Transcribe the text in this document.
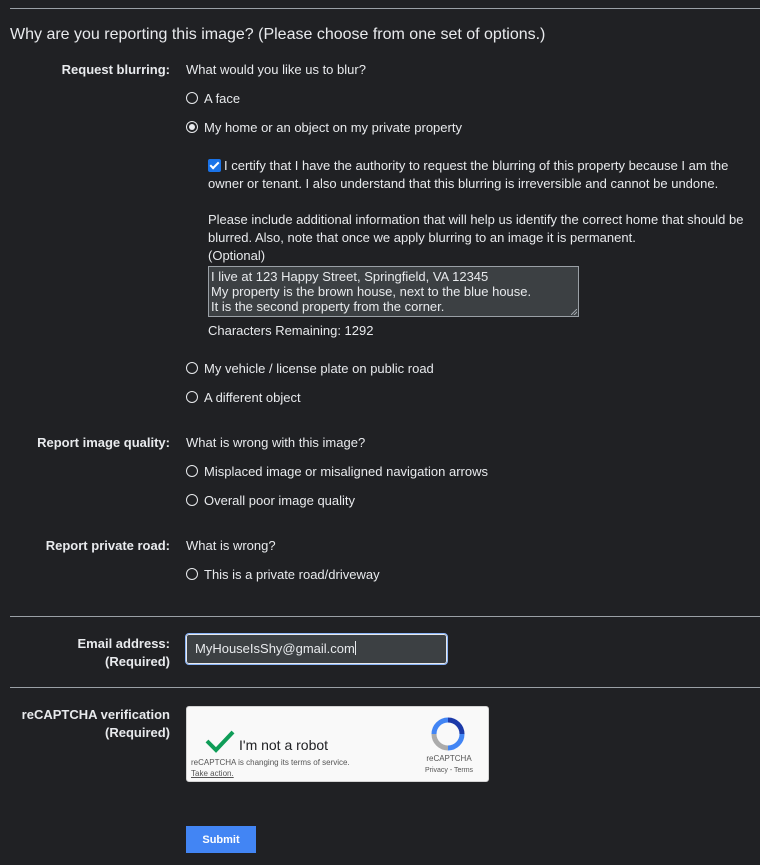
Why are you reporting this image? (Please choose from one set of options.)
Request blurring: What would you like us to blur?
A face
My home or an object on my private property
I certify that I have the authority to request the blurring of this property because I am the owner or tenant. I also understand that this blurring is irreversible and cannot be undone.
Please include additional information that will help us identify the correct home that should be blurred. Also, note that once we apply blurring to an image it is permanent.
(Optional)
I live at 123 Happy Street, Springfield, VA 12345
My property is the brown house, next to the blue house.
It is the second property from the corner.
Characters Remaining: 1292
My vehicle / license plate on public road
A different object
Report image quality: What is wrong with this image?
Misplaced image or misaligned navigation arrows
Overall poor image quality
Report private road: What is wrong?
This is a private road/driveway
Email address:
(Required)
MyHouseIsShy@gmail.com
reCAPTCHA verification
(Required)
I'm not a robot
reCAPTCHA is changing its terms of service.
Take action.
reCAPTCHA
Privacy - Terms
Submit
